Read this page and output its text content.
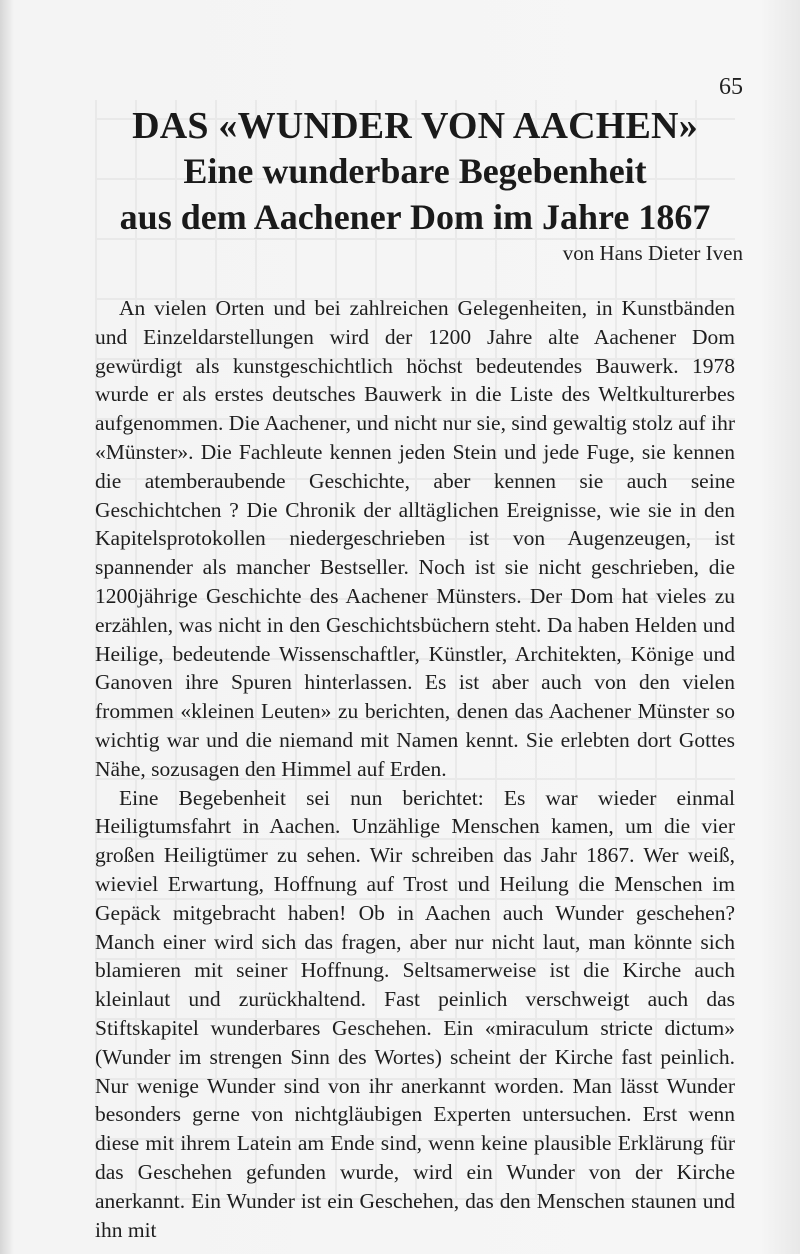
65
DAS «WUNDER VON AACHEN»
Eine wunderbare Begebenheit
aus dem Aachener Dom im Jahre 1867
von Hans Dieter Iven

An vielen Orten und bei zahlreichen Gelegenheiten, in Kunstbänden und Einzeldarstellungen wird der 1200 Jahre alte Aachener Dom gewürdigt als kunstgeschichtlich höchst bedeutendes Bauwerk. 1978 wurde er als erstes deutsches Bauwerk in die Liste des Weltkulturerbes aufgenommen. Die Aachener, und nicht nur sie, sind gewaltig stolz auf ihr «Münster». Die Fachleute kennen jeden Stein und jede Fuge, sie kennen die atemberaubende Geschichte, aber kennen sie auch seine Geschichtchen ? Die Chronik der alltäglichen Ereignisse, wie sie in den Kapitelsprotokollen niedergeschrieben ist von Augenzeugen, ist spannender als mancher Bestseller. Noch ist sie nicht geschrieben, die 1200jährige Geschichte des Aachener Münsters. Der Dom hat vieles zu erzählen, was nicht in den Geschichtsbüchern steht. Da haben Helden und Heilige, bedeutende Wissenschaftler, Künstler, Architekten, Könige und Ganoven ihre Spuren hinterlassen. Es ist aber auch von den vielen frommen «kleinen Leuten» zu berichten, denen das Aachener Münster so wichtig war und die niemand mit Namen kennt. Sie erlebten dort Gottes Nähe, sozusagen den Himmel auf Erden.

Eine Begebenheit sei nun berichtet: Es war wieder einmal Heiligtumsfahrt in Aachen. Unzählige Menschen kamen, um die vier großen Heiligtümer zu sehen. Wir schreiben das Jahr 1867. Wer weiß, wieviel Erwartung, Hoffnung auf Trost und Heilung die Menschen im Gepäck mitgebracht haben! Ob in Aachen auch Wunder geschehen? Manch einer wird sich das fragen, aber nur nicht laut, man könnte sich blamieren mit seiner Hoffnung. Seltsamerweise ist die Kirche auch kleinlaut und zurückhaltend. Fast peinlich verschweigt auch das Stiftskapitel wunderbares Geschehen. Ein «miraculum stricte dictum» (Wunder im strengen Sinn des Wortes) scheint der Kirche fast peinlich. Nur wenige Wunder sind von ihr anerkannt worden. Man lässt Wunder besonders gerne von nichtgläubigen Experten untersuchen. Erst wenn diese mit ihrem Latein am Ende sind, wenn keine plausible Erklärung für das Geschehen gefunden wurde, wird ein Wunder von der Kirche anerkannt. Ein Wunder ist ein Geschehen, das den Menschen staunen und ihn mit
